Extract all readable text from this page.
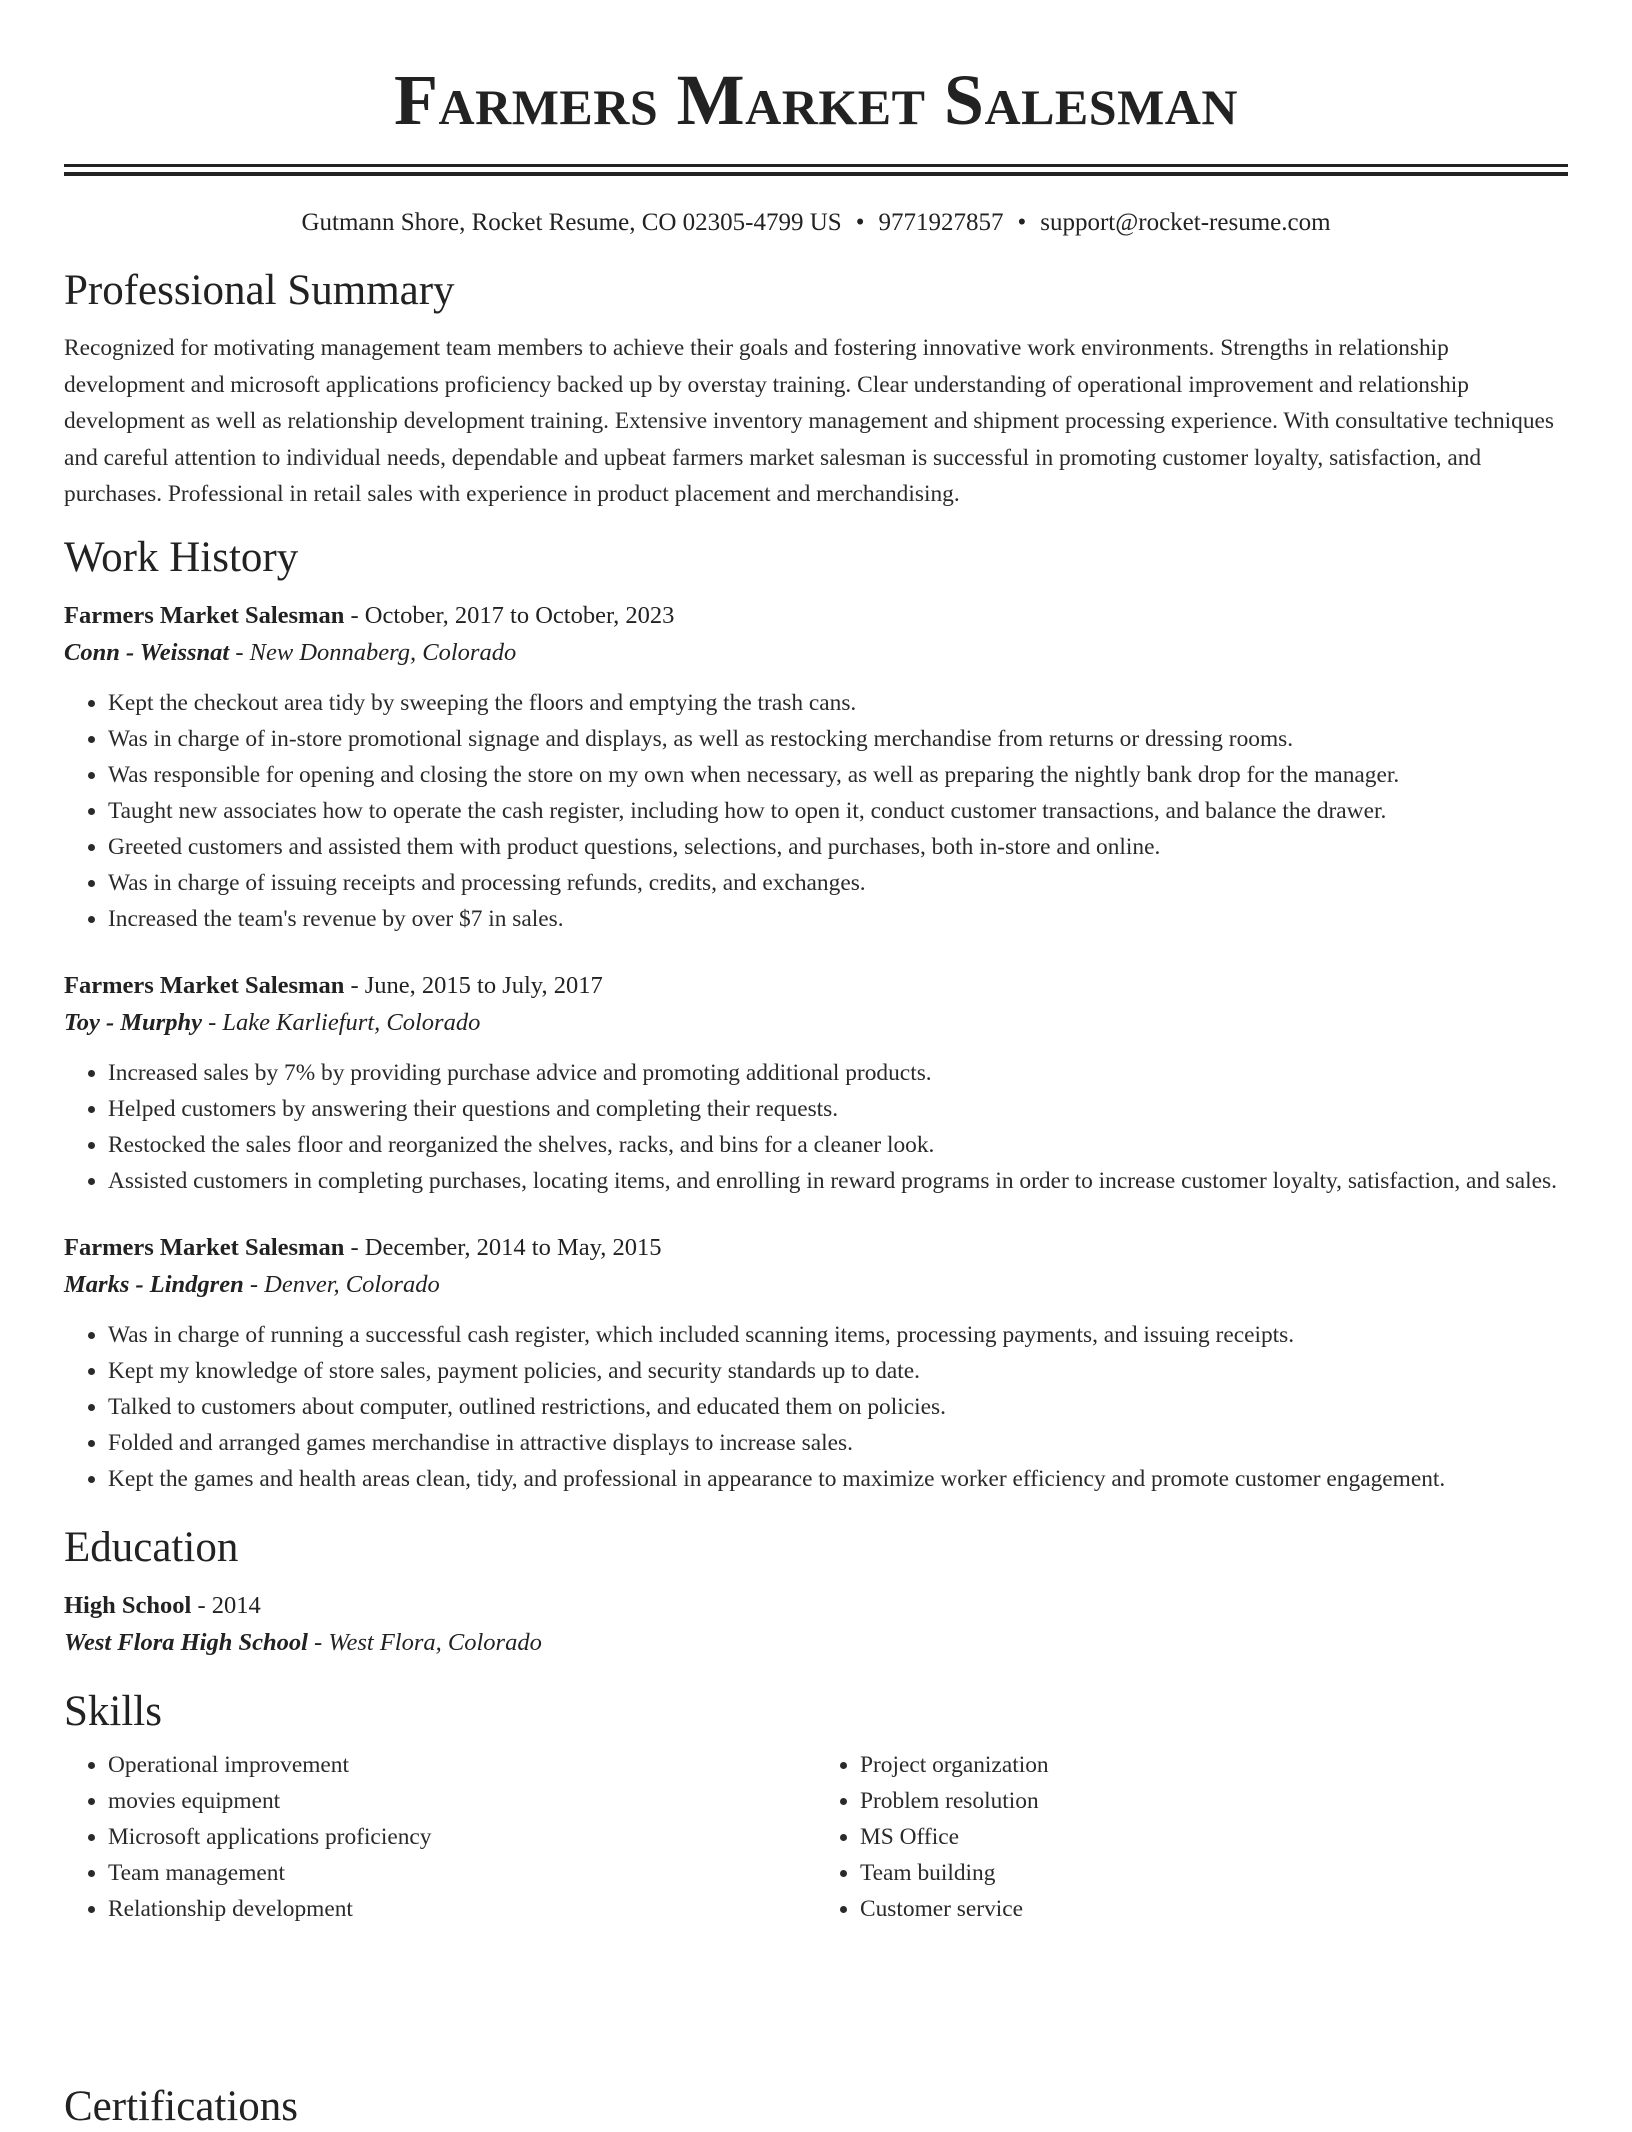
Farmers Market Salesman
Gutmann Shore, Rocket Resume, CO 02305-4799 US • 9771927857 • support@rocket-resume.com
Professional Summary

Recognized for motivating management team members to achieve their goals and fostering innovative work environments. Strengths in relationship development and microsoft applications proficiency backed up by overstay training. Clear understanding of operational improvement and relationship development as well as relationship development training. Extensive inventory management and shipment processing experience. With consultative techniques and careful attention to individual needs, dependable and upbeat farmers market salesman is successful in promoting customer loyalty, satisfaction, and purchases. Professional in retail sales with experience in product placement and merchandising.

Work History

Farmers Market Salesman - October, 2017 to October, 2023

Conn - Weissnat - New Donnaberg, Colorado

• Kept the checkout area tidy by sweeping the floors and emptying the trash cans.
• Was in charge of in-store promotional signage and displays, as well as restocking merchandise from returns or dressing rooms.
• Was responsible for opening and closing the store on my own when necessary, as well as preparing the nightly bank drop for the manager.
• Taught new associates how to operate the cash register, including how to open it, conduct customer transactions, and balance the drawer.
• Greeted customers and assisted them with product questions, selections, and purchases, both in-store and online.
• Was in charge of issuing receipts and processing refunds, credits, and exchanges.
• Increased the team's revenue by over $7 in sales.

Farmers Market Salesman - June, 2015 to July, 2017

Toy - Murphy - Lake Karliefurt, Colorado

• Increased sales by 7% by providing purchase advice and promoting additional products.
• Helped customers by answering their questions and completing their requests.
• Restocked the sales floor and reorganized the shelves, racks, and bins for a cleaner look.
• Assisted customers in completing purchases, locating items, and enrolling in reward programs in order to increase customer loyalty, satisfaction, and sales.

Farmers Market Salesman - December, 2014 to May, 2015

Marks - Lindgren - Denver, Colorado

• Was in charge of running a successful cash register, which included scanning items, processing payments, and issuing receipts.
• Kept my knowledge of store sales, payment policies, and security standards up to date.
• Talked to customers about computer, outlined restrictions, and educated them on policies.
• Folded and arranged games merchandise in attractive displays to increase sales.
• Kept the games and health areas clean, tidy, and professional in appearance to maximize worker efficiency and promote customer engagement.
Education

High School - 2014

West Flora High School - West Flora, Colorado

Skills
• Operational improvement
• movies equipment
• Microsoft applications proficiency
• Team management
• Relationship development
• Project organization
• Problem resolution
• MS Office
• Team building
• Customer service
Certifications
